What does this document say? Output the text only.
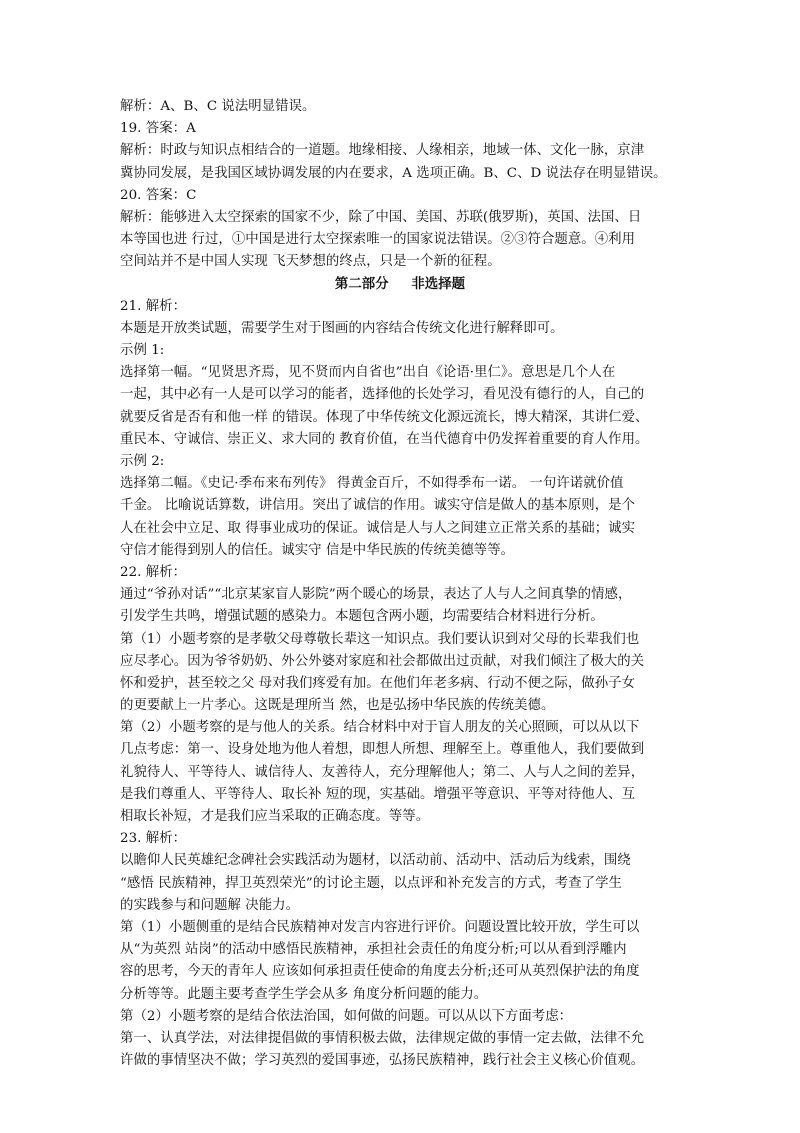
解析：A、B、C 说法明显错误。
19. 答案：A
解析：时政与知识点相结合的一道题。地缘相接、人缘相亲，地域一体、文化一脉，京津
冀协同发展，是我国区域协调发展的内在要求，A 选项正确。B、C、D 说法存在明显错误。
20. 答案：C
解析：能够进入太空探索的国家不少，除了中国、美国、苏联(俄罗斯)，英国、法国、日
本等国也进 行过，①中国是进行太空探索唯一的国家说法错误。②③符合题意。④利用
空间站并不是中国人实现 飞天梦想的终点，只是一个新的征程。
第二部分 非选择题
21. 解析：
本题是开放类试题，需要学生对于图画的内容结合传统文化进行解释即可。
示例 1:
选择第一幅。“见贤思齐焉，见不贤而内自省也”出自《论语·里仁》。意思是几个人在
一起，其中必有一人是可以学习的能者，选择他的长处学习，看见没有德行的人，自己的
就要反省是否有和他一样 的错误。体现了中华传统文化源远流长，博大精深，其讲仁爱、
重民本、守诚信、崇正义、求大同的 教育价值，在当代德育中仍发挥着重要的育人作用。
示例 2:
选择第二幅。《史记·季布来布列传》 得黄金百斤，不如得季布一诺。 一句许诺就价值
千金。 比喻说话算数，讲信用。突出了诚信的作用。诚实守信是做人的基本原则，是个
人在社会中立足、取 得事业成功的保证。诚信是人与人之间建立正常关系的基础；诚实
守信才能得到别人的信任。诚实守 信是中华民族的传统美德等等。
22. 解析：
通过“爷孙对话”“北京某家盲人影院”两个暖心的场景，表达了人与人之间真挚的情感，
引发学生共鸣，增强试题的感染力。本题包含两小题，均需要结合材料进行分析。
第（1）小题考察的是孝敬父母尊敬长辈这一知识点。我们要认识到对父母的长辈我们也
应尽孝心。因为爷爷奶奶、外公外婆对家庭和社会都做出过贡献，对我们倾注了极大的关
怀和爱护，甚至较之父 母对我们疼爱有加。在他们年老多病、行动不便之际，做孙子女
的更要献上一片孝心。这既是理所当 然，也是弘扬中华民族的传统美德。
第（2）小题考察的是与他人的关系。结合材料中对于盲人朋友的关心照顾，可以从以下
几点考虑：第一、设身处地为他人着想，即想人所想、理解至上。尊重他人，我们要做到
礼貌待人、平等待人、诚信待人、友善待人，充分理解他人；第二、人与人之间的差异，
是我们尊重人、平等待人、取长补 短的现，实基础。增强平等意识、平等对待他人、互
相取长补短，才是我们应当采取的正确态度。等等。
23. 解析：
以瞻仰人民英雄纪念碑社会实践活动为题材，以活动前、活动中、活动后为线索，围绕
“感悟 民族精神，捍卫英烈荣光”的讨论主题，以点评和补充发言的方式，考查了学生
的实践参与和问题解 决能力。
第（1）小题侧重的是结合民族精神对发言内容进行评价。问题设置比较开放，学生可以
从“为英烈 站岗”的活动中感悟民族精神，承担社会责任的角度分析;可以从看到浮雕内
容的思考，今天的青年人 应该如何承担责任使命的角度去分析;还可从英烈保护法的角度
分析等等。此题主要考查学生学会从多 角度分析问题的能力。
第（2）小题考察的是结合依法治国，如何做的问题。可以从以下方面考虑：
第一、认真学法，对法律提倡做的事情积极去做，法律规定做的事情一定去做，法律不允
许做的事情坚决不做；学习英烈的爱国事迹，弘扬民族精神，践行社会主义核心价值观。
